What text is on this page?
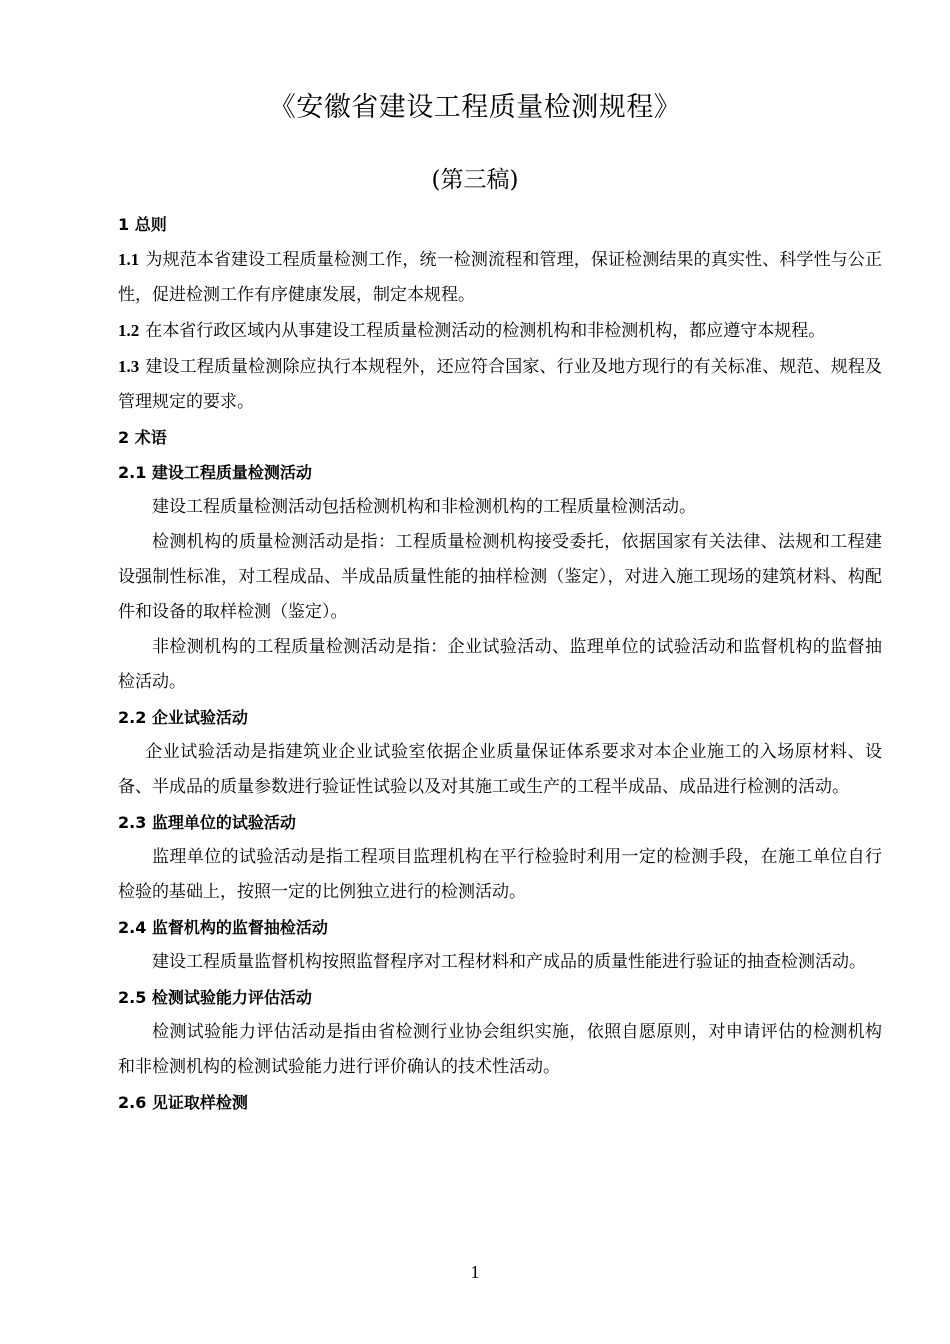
《安徽省建设工程质量检测规程》
(第三稿)

1 总则

1.1 为规范本省建设工程质量检测工作，统一检测流程和管理，保证检测结果的真实性、科学性与公正性，促进检测工作有序健康发展，制定本规程。

1.2 在本省行政区域内从事建设工程质量检测活动的检测机构和非检测机构，都应遵守本规程。

1.3 建设工程质量检测除应执行本规程外，还应符合国家、行业及地方现行的有关标准、规范、规程及管理规定的要求。

2 术语

2.1 建设工程质量检测活动

建设工程质量检测活动包括检测机构和非检测机构的工程质量检测活动。

检测机构的质量检测活动是指：工程质量检测机构接受委托，依据国家有关法律、法规和工程建设强制性标准，对工程成品、半成品质量性能的抽样检测（鉴定），对进入施工现场的建筑材料、构配件和设备的取样检测（鉴定）。

非检测机构的工程质量检测活动是指：企业试验活动、监理单位的试验活动和监督机构的监督抽检活动。

2.2 企业试验活动

企业试验活动是指建筑业企业试验室依据企业质量保证体系要求对本企业施工的入场原材料、设备、半成品的质量参数进行验证性试验以及对其施工或生产的工程半成品、成品进行检测的活动。

2.3 监理单位的试验活动

监理单位的试验活动是指工程项目监理机构在平行检验时利用一定的检测手段，在施工单位自行检验的基础上，按照一定的比例独立进行的检测活动。

2.4 监督机构的监督抽检活动

建设工程质量监督机构按照监督程序对工程材料和产成品的质量性能进行验证的抽查检测活动。

2.5 检测试验能力评估活动

检测试验能力评估活动是指由省检测行业协会组织实施，依照自愿原则，对申请评估的检测机构和非检测机构的检测试验能力进行评价确认的技术性活动。

2.6 见证取样检测

1
